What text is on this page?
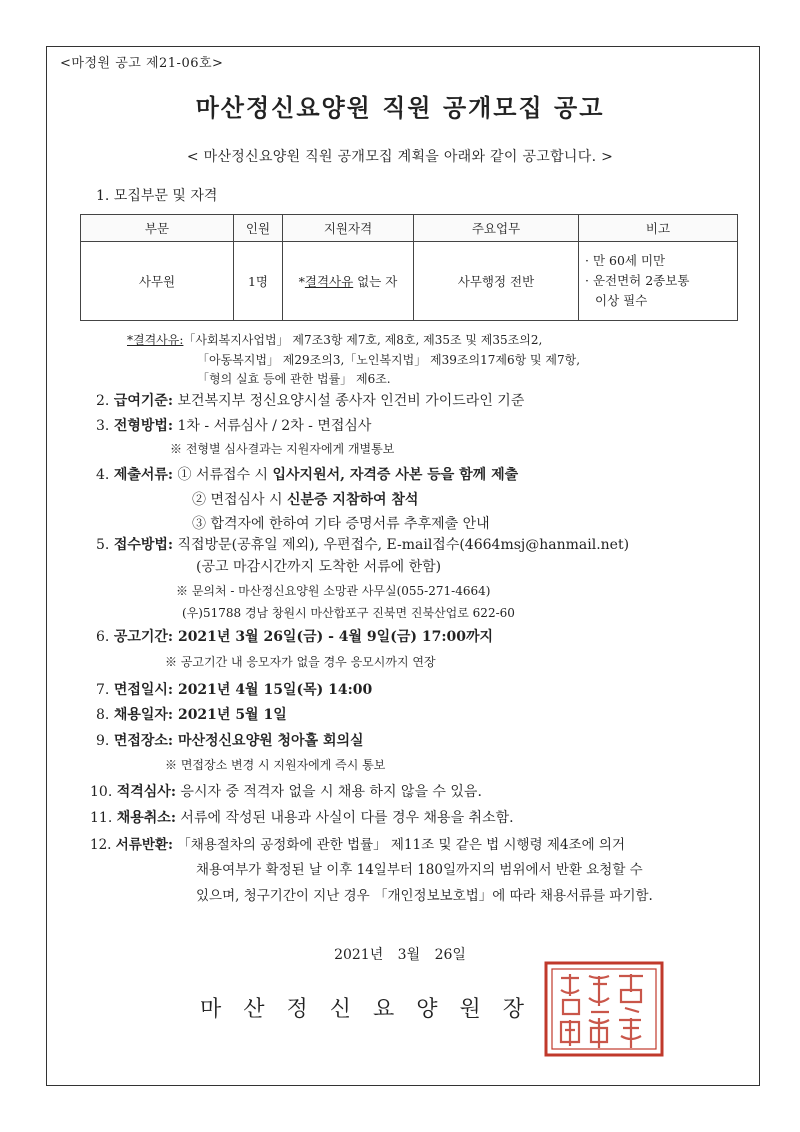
<마정원 공고 제21-06호>
마산정신요양원 직원 공개모집 공고
< 마산정신요양원 직원 공개모집 계획을 아래와 같이 공고합니다. >
1. 모집부문 및 자격
부문	인원	지원자격	주요업무	비고
사무원	1명	*결격사유 없는 자	사무행정 전반	· 만 60세 미만
· 운전면허 2종보통
이상 필수
*결격사유:「사회복지사업법」 제7조3항 제7호, 제8호, 제35조 및 제35조의2,
「아동복지법」 제29조의3,「노인복지법」 제39조의17제6항 및 제7항,
「형의 실효 등에 관한 법률」 제6조.
2. 급여기준: 보건복지부 정신요양시설 종사자 인건비 가이드라인 기준
3. 전형방법: 1차 - 서류심사 / 2차 - 면접심사
※ 전형별 심사결과는 지원자에게 개별통보
4. 제출서류: ① 서류접수 시 입사지원서, 자격증 사본 등을 함께 제출
② 면접심사 시 신분증 지참하여 참석
③ 합격자에 한하여 기타 증명서류 추후제출 안내
5. 접수방법: 직접방문(공휴일 제외), 우편접수, E-mail접수(4664msj@hanmail.net)
(공고 마감시간까지 도착한 서류에 한함)
※ 문의처 - 마산정신요양원 소망관 사무실(055-271-4664)
(우)51788 경남 창원시 마산합포구 진북면 진북산업로 622-60
6. 공고기간: 2021년 3월 26일(금) - 4월 9일(금) 17:00까지
※ 공고기간 내 응모자가 없을 경우 응모시까지 연장
7. 면접일시: 2021년 4월 15일(목) 14:00
8. 채용일자: 2021년 5월 1일
9. 면접장소: 마산정신요양원 청아홀 회의실
※ 면접장소 변경 시 지원자에게 즉시 통보
10. 적격심사: 응시자 중 적격자 없을 시 채용 하지 않을 수 있음.
11. 채용취소: 서류에 작성된 내용과 사실이 다를 경우 채용을 취소함.
12. 서류반환: 「채용절차의 공정화에 관한 법률」 제11조 및 같은 법 시행령 제4조에 의거
채용여부가 확정된 날 이후 14일부터 180일까지의 범위에서 반환 요청할 수
있으며, 청구기간이 지난 경우 「개인정보보호법」에 따라 채용서류를 파기함.
2021년 3월 26일
마산정신요양원장
